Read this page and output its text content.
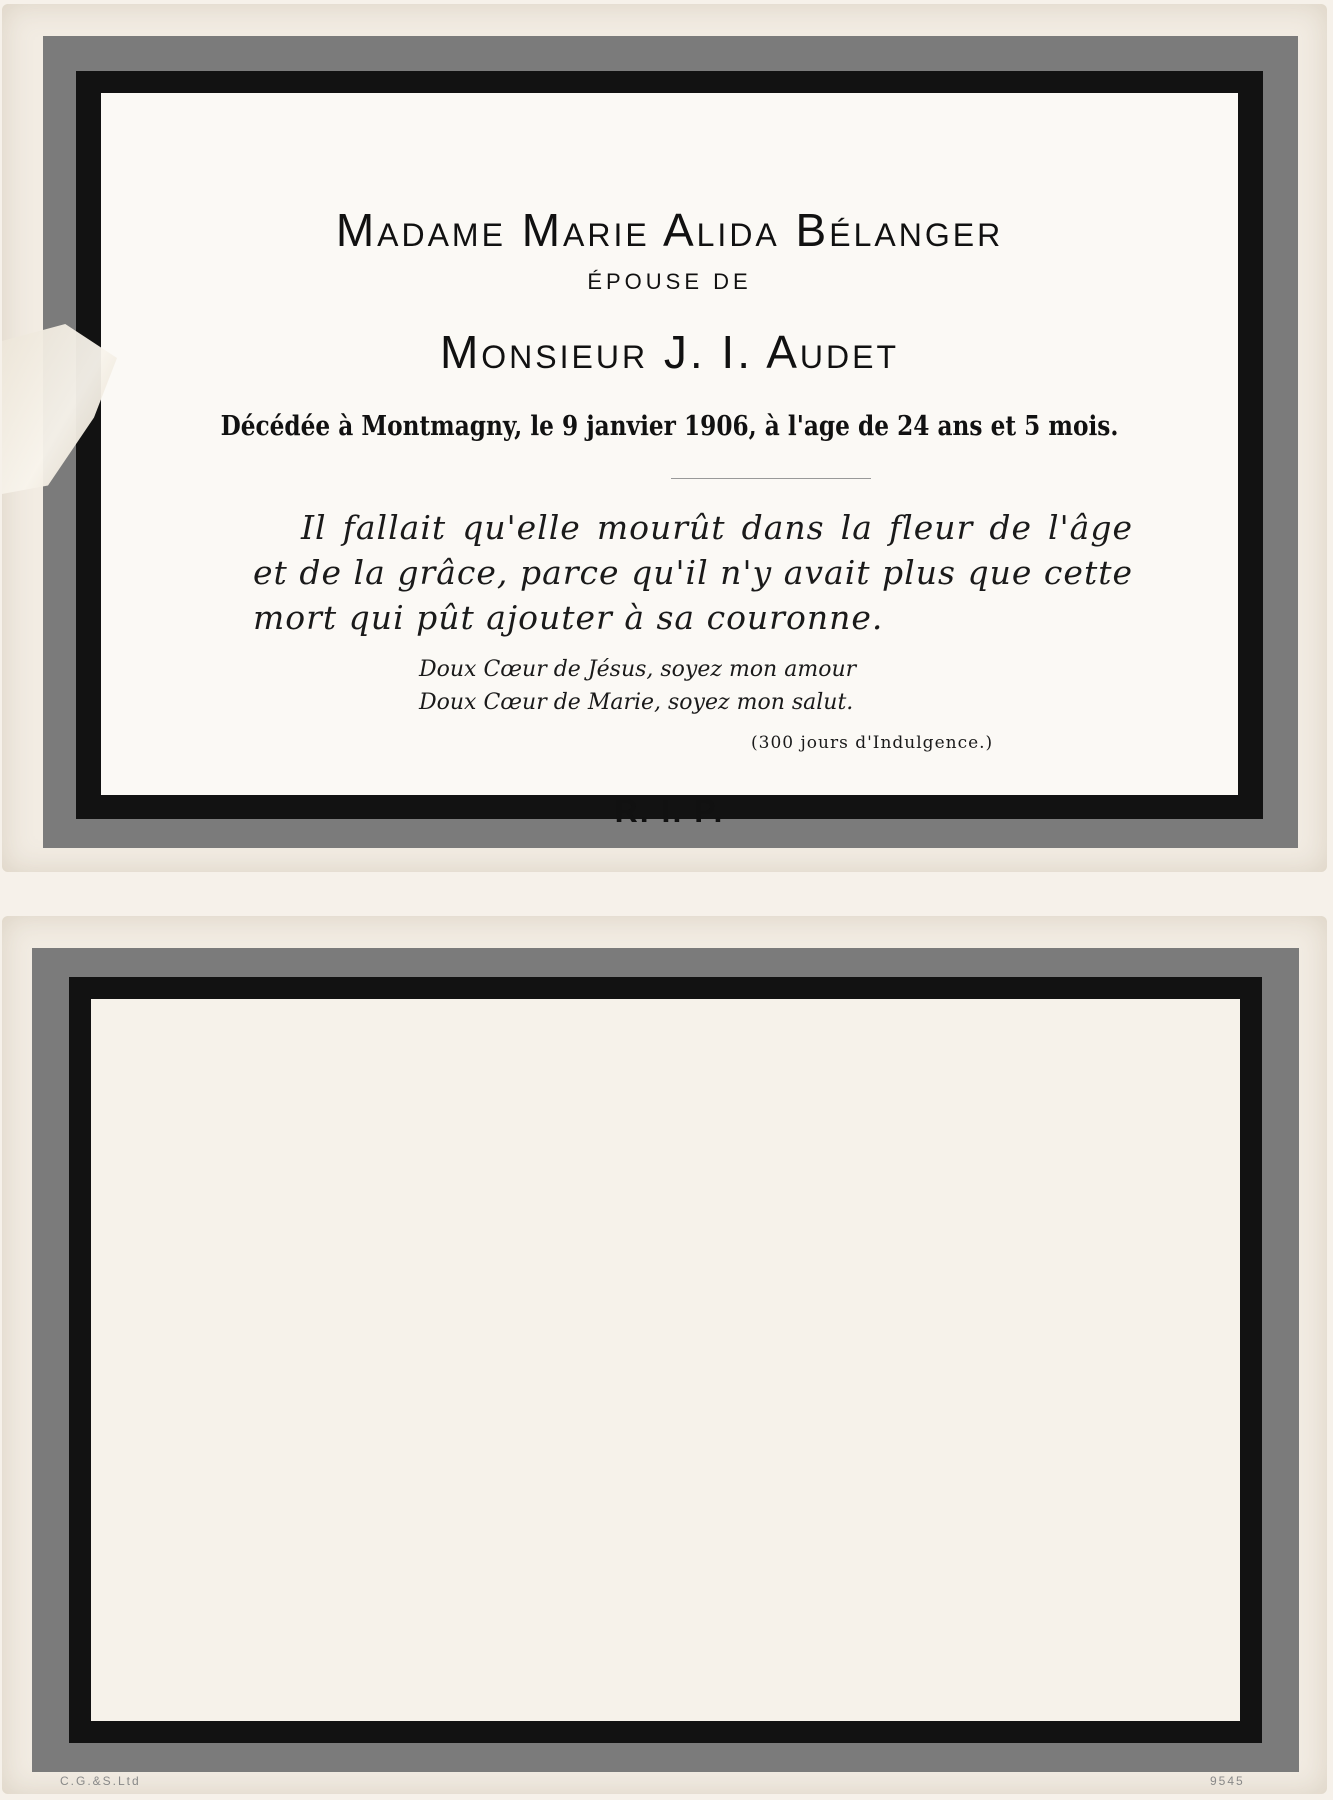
Madame Marie Alida Bélanger
ÉPOUSE DE
Monsieur J. I. Audet
Décédée à Montmagny, le 9 janvier 1906, à l'age de 24 ans et 5 mois.
Il fallait qu'elle mourût dans la fleur de l'âge et de la grâce, parce qu'il n'y avait plus que cette mort qui pût ajouter à sa couronne.
Doux Cœur de Jésus, soyez mon amour
Doux Cœur de Marie, soyez mon salut.
(300 jours d'Indulgence.)
R. I. P.
C.G.&S.Ltd	9545
